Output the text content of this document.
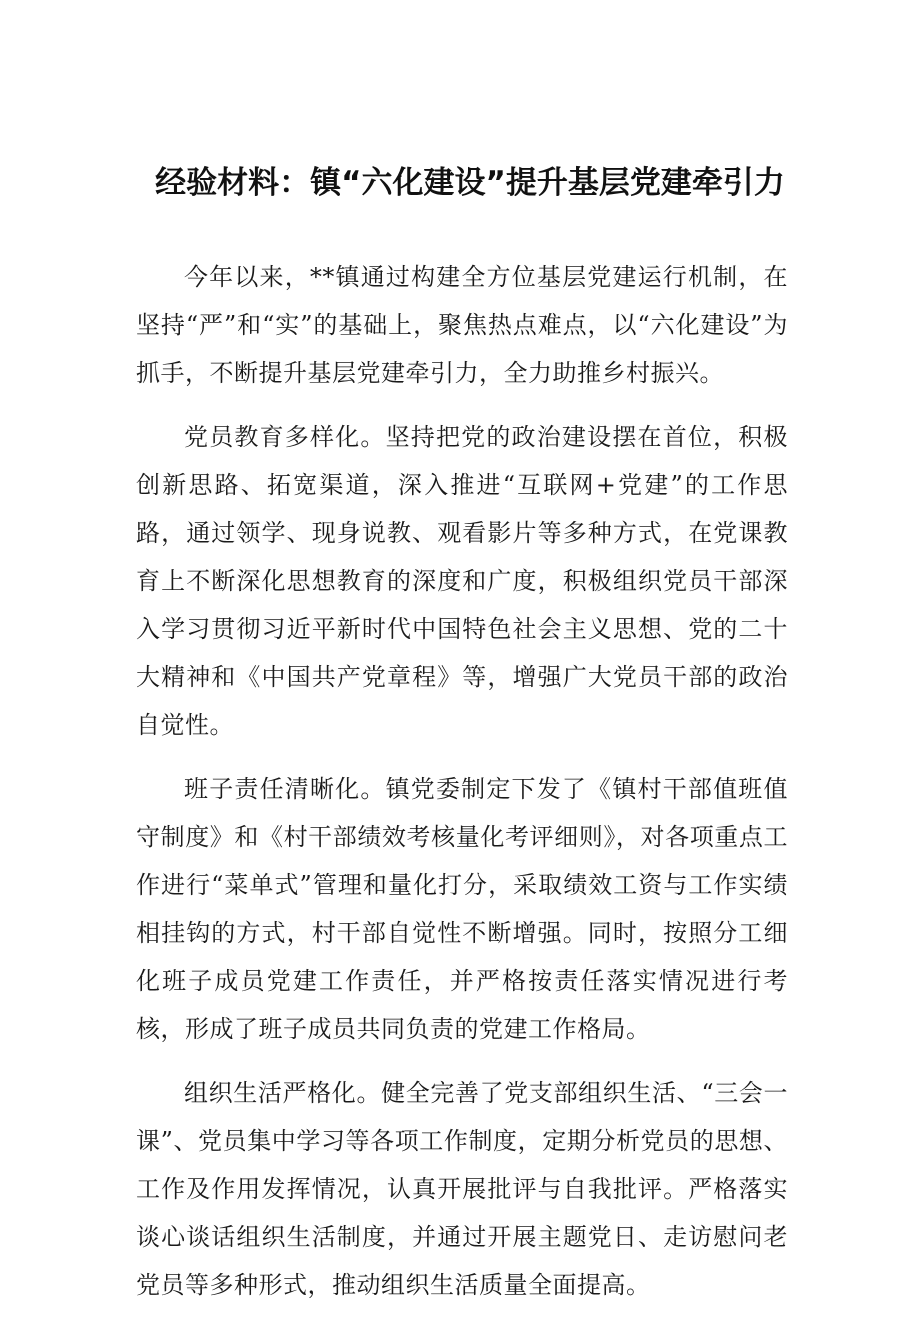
经验材料：镇“六化建设”提升基层党建牵引力

今年以来，**镇通过构建全方位基层党建运行机制，在坚持“严”和“实”的基础上，聚焦热点难点，以“六化建设”为抓手，不断提升基层党建牵引力，全力助推乡村振兴。

党员教育多样化。坚持把党的政治建设摆在首位，积极创新思路、拓宽渠道，深入推进“互联网+党建”的工作思路，通过领学、现身说教、观看影片等多种方式，在党课教育上不断深化思想教育的深度和广度，积极组织党员干部深入学习贯彻习近平新时代中国特色社会主义思想、党的二十大精神和《中国共产党章程》等，增强广大党员干部的政治自觉性。

班子责任清晰化。镇党委制定下发了《镇村干部值班值守制度》和《村干部绩效考核量化考评细则》，对各项重点工作进行“菜单式”管理和量化打分，采取绩效工资与工作实绩相挂钩的方式，村干部自觉性不断增强。同时，按照分工细化班子成员党建工作责任，并严格按责任落实情况进行考核，形成了班子成员共同负责的党建工作格局。

组织生活严格化。健全完善了党支部组织生活、“三会一课”、党员集中学习等各项工作制度，定期分析党员的思想、工作及作用发挥情况，认真开展批评与自我批评。严格落实谈心谈话组织生活制度，并通过开展主题党日、走访慰问老党员等多种形式，推动组织生活质量全面提高。
